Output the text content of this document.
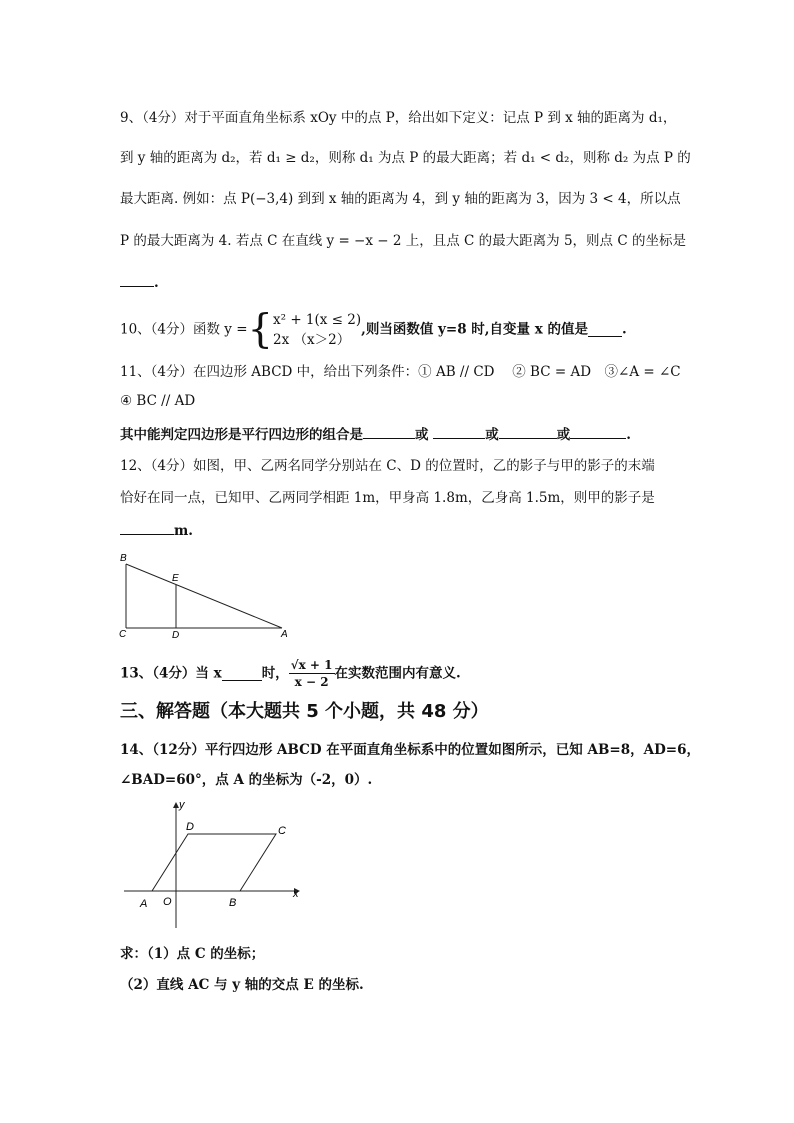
9、（4分）对于平面直角坐标系 xOy 中的点 P，给出如下定义：记点 P 到 x 轴的距离为 d₁，
到 y 轴的距离为 d₂，若 d₁ ≥ d₂，则称 d₁ 为点 P 的最大距离；若 d₁ < d₂，则称 d₂ 为点 P 的
最大距离. 例如：点 P(−3,4) 到到 x 轴的距离为 4，到 y 轴的距离为 3，因为 3 < 4，所以点
P 的最大距离为 4. 若点 C 在直线 y = −x − 2 上，且点 C 的最大距离为 5，则点 C 的坐标是
.
10、（4分）函数 y ={ x² + 1(x ≤ 2)
2x （x＞2）
,则当函数值 y=8 时,自变量 x 的值是	.
11、（4分）在四边形 ABCD 中，给出下列条件：① AB // CD　 ② BC = AD　③∠A = ∠C
④ BC // AD
其中能判定四边形是平行四边形的组合是	或	或	或	.
12、（4分）如图，甲、乙两名同学分别站在 C、D 的位置时，乙的影子与甲的影子的末端
恰好在同一点，已知甲、乙两同学相距 1m，甲身高 1.8m，乙身高 1.5m，则甲的影子是
m.
B
E
C	D	A
13、（4分）当 x	时， $\frac{√x + 1}{x - 2}$ 在实数范围内有意义.
三、解答题（本大题共 5 个小题，共 48 分）
14、（12分）平行四边形 ABCD 在平面直角坐标系中的位置如图所示，已知 AB=8，AD=6，
∠BAD=60°，点 A 的坐标为（-2，0）.
y
D	C
x
A O	B
求：（1）点 C 的坐标；
（2）直线 AC 与 y 轴的交点 E 的坐标.
